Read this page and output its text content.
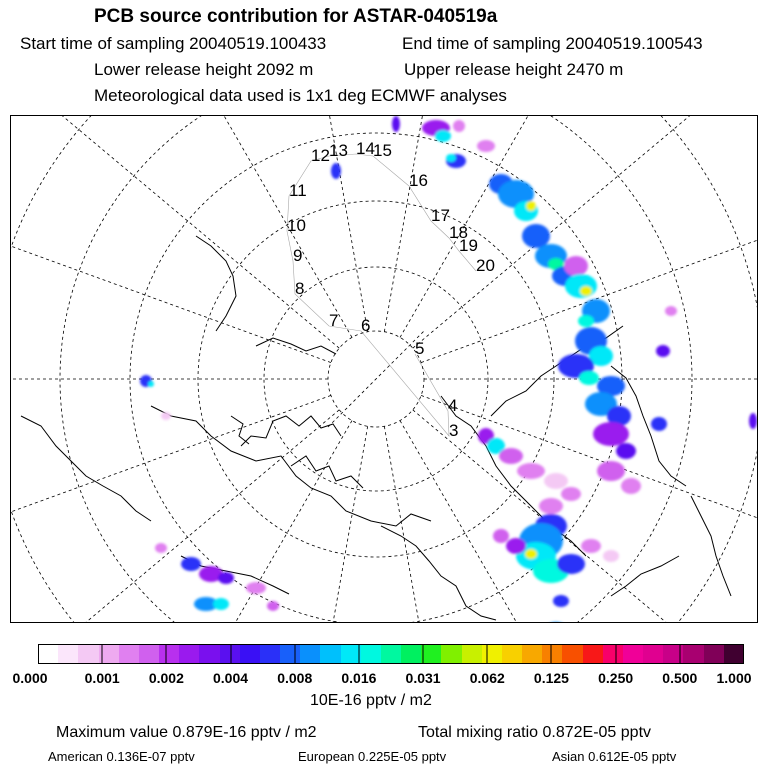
PCB source contribution for ASTAR-040519a
Start time of sampling 20040519.100433	End time of sampling 20040519.100543
Lower release height 2092 m	Upper release height 2470 m
Meteorological data used is 1x1 deg ECMWF analyses
5
4
3
6
7
8
9
10
11
12 13 14
15
16
17
18
19
20
0.000	0.001 0.002 0.004 0.008 0.016 0.031 0.062 0.125 0.250 0.500 1.000
10E-16 pptv / m2
Maximum value 0.879E-16 pptv / m2	Total mixing ratio 0.872E-05 pptv
American 0.136E-07 pptv	European 0.225E-05 pptv	Asian 0.612E-05 pptv
